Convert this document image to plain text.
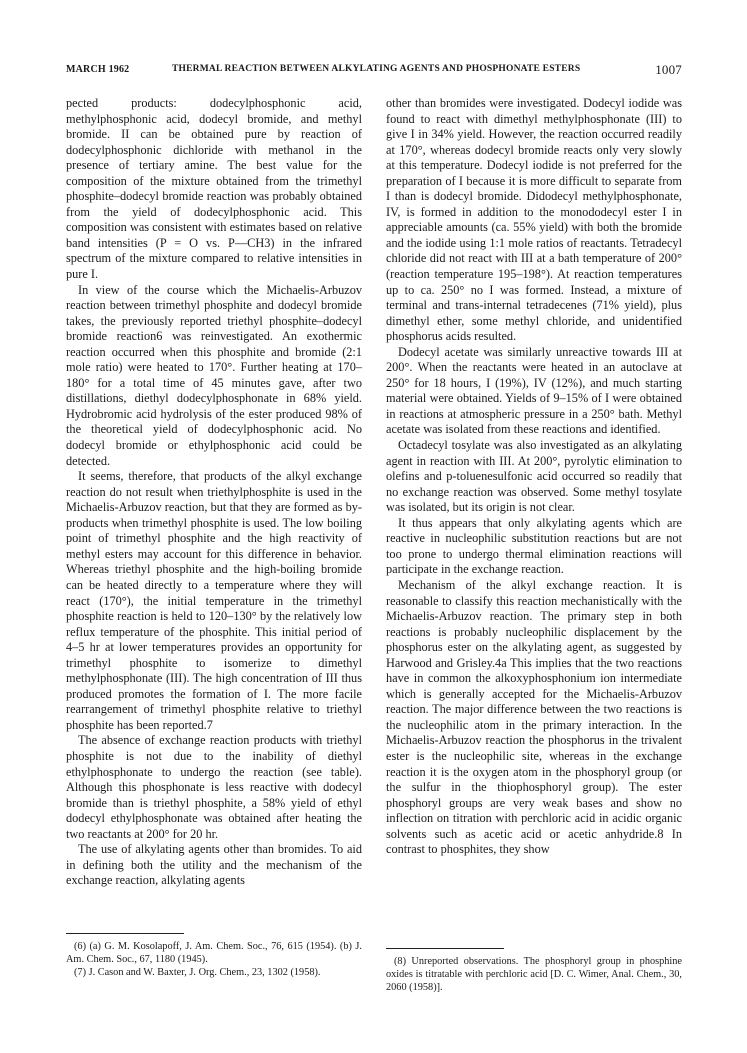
MARCH 1962	THERMAL REACTION BETWEEN ALKYLATING AGENTS AND PHOSPHONATE ESTERS	1007

pected products: dodecylphosphonic acid, methylphosphonic acid, dodecyl bromide, and methyl bromide. II can be obtained pure by reaction of dodecylphosphonic dichloride with methanol in the presence of tertiary amine. The best value for the composition of the mixture obtained from the trimethyl phosphite–dodecyl bromide reaction was probably obtained from the yield of dodecylphosphonic acid. This composition was consistent with estimates based on relative band intensities (P = O vs. P—CH3) in the infrared spectrum of the mixture compared to relative intensities in pure I.

In view of the course which the Michaelis-Arbuzov reaction between trimethyl phosphite and dodecyl bromide takes, the previously reported triethyl phosphite–dodecyl bromide reaction6 was reinvestigated. An exothermic reaction occurred when this phosphite and bromide (2:1 mole ratio) were heated to 170°. Further heating at 170–180° for a total time of 45 minutes gave, after two distillations, diethyl dodecylphosphonate in 68% yield. Hydrobromic acid hydrolysis of the ester produced 98% of the theoretical yield of dodecylphosphonic acid. No dodecyl bromide or ethylphosphonic acid could be detected.

It seems, therefore, that products of the alkyl exchange reaction do not result when triethylphosphite is used in the Michaelis-Arbuzov reaction, but that they are formed as by-products when trimethyl phosphite is used. The low boiling point of trimethyl phosphite and the high reactivity of methyl esters may account for this difference in behavior. Whereas triethyl phosphite and the high-boiling bromide can be heated directly to a temperature where they will react (170°), the initial temperature in the trimethyl phosphite reaction is held to 120–130° by the relatively low reflux temperature of the phosphite. This initial period of 4–5 hr at lower temperatures provides an opportunity for trimethyl phosphite to isomerize to dimethyl methylphosphonate (III). The high concentration of III thus produced promotes the formation of I. The more facile rearrangement of trimethyl phosphite relative to triethyl phosphite has been reported.7

The absence of exchange reaction products with triethyl phosphite is not due to the inability of diethyl ethylphosphonate to undergo the reaction (see table). Although this phosphonate is less reactive with dodecyl bromide than is triethyl phosphite, a 58% yield of ethyl dodecyl ethylphosphonate was obtained after heating the two reactants at 200° for 20 hr.

The use of alkylating agents other than bromides. To aid in defining both the utility and the mechanism of the exchange reaction, alkylating agents

other than bromides were investigated. Dodecyl iodide was found to react with dimethyl methylphosphonate (III) to give I in 34% yield. However, the reaction occurred readily at 170°, whereas dodecyl bromide reacts only very slowly at this temperature. Dodecyl iodide is not preferred for the preparation of I because it is more difficult to separate from I than is dodecyl bromide. Didodecyl methylphosphonate, IV, is formed in addition to the monododecyl ester I in appreciable amounts (ca. 55% yield) with both the bromide and the iodide using 1:1 mole ratios of reactants. Tetradecyl chloride did not react with III at a bath temperature of 200° (reaction temperature 195–198°). At reaction temperatures up to ca. 250° no I was formed. Instead, a mixture of terminal and trans-internal tetradecenes (71% yield), plus dimethyl ether, some methyl chloride, and unidentified phosphorus acids resulted.

Dodecyl acetate was similarly unreactive towards III at 200°. When the reactants were heated in an autoclave at 250° for 18 hours, I (19%), IV (12%), and much starting material were obtained. Yields of 9–15% of I were obtained in reactions at atmospheric pressure in a 250° bath. Methyl acetate was isolated from these reactions and identified.

Octadecyl tosylate was also investigated as an alkylating agent in reaction with III. At 200°, pyrolytic elimination to olefins and p-toluenesulfonic acid occurred so readily that no exchange reaction was observed. Some methyl tosylate was isolated, but its origin is not clear.

It thus appears that only alkylating agents which are reactive in nucleophilic substitution reactions but are not too prone to undergo thermal elimination reactions will participate in the exchange reaction.

Mechanism of the alkyl exchange reaction. It is reasonable to classify this reaction mechanistically with the Michaelis-Arbuzov reaction. The primary step in both reactions is probably nucleophilic displacement by the phosphorus ester on the alkylating agent, as suggested by Harwood and Grisley.4a This implies that the two reactions have in common the alkoxyphosphonium ion intermediate which is generally accepted for the Michaelis-Arbuzov reaction. The major difference between the two reactions is the nucleophilic atom in the primary interaction. In the Michaelis-Arbuzov reaction the phosphorus in the trivalent ester is the nucleophilic site, whereas in the exchange reaction it is the oxygen atom in the phosphoryl group (or the sulfur in the thiophosphoryl group). The ester phosphoryl groups are very weak bases and show no inflection on titration with perchloric acid in acidic organic solvents such as acetic acid or acetic anhydride.8 In contrast to phosphites, they show

(6) (a) G. M. Kosolapoff, J. Am. Chem. Soc., 76, 615 (1954). (b) J. Am. Chem. Soc., 67, 1180 (1945).

(7) J. Cason and W. Baxter, J. Org. Chem., 23, 1302 (1958).

(8) Unreported observations. The phosphoryl group in phosphine oxides is titratable with perchloric acid [D. C. Wimer, Anal. Chem., 30, 2060 (1958)].
